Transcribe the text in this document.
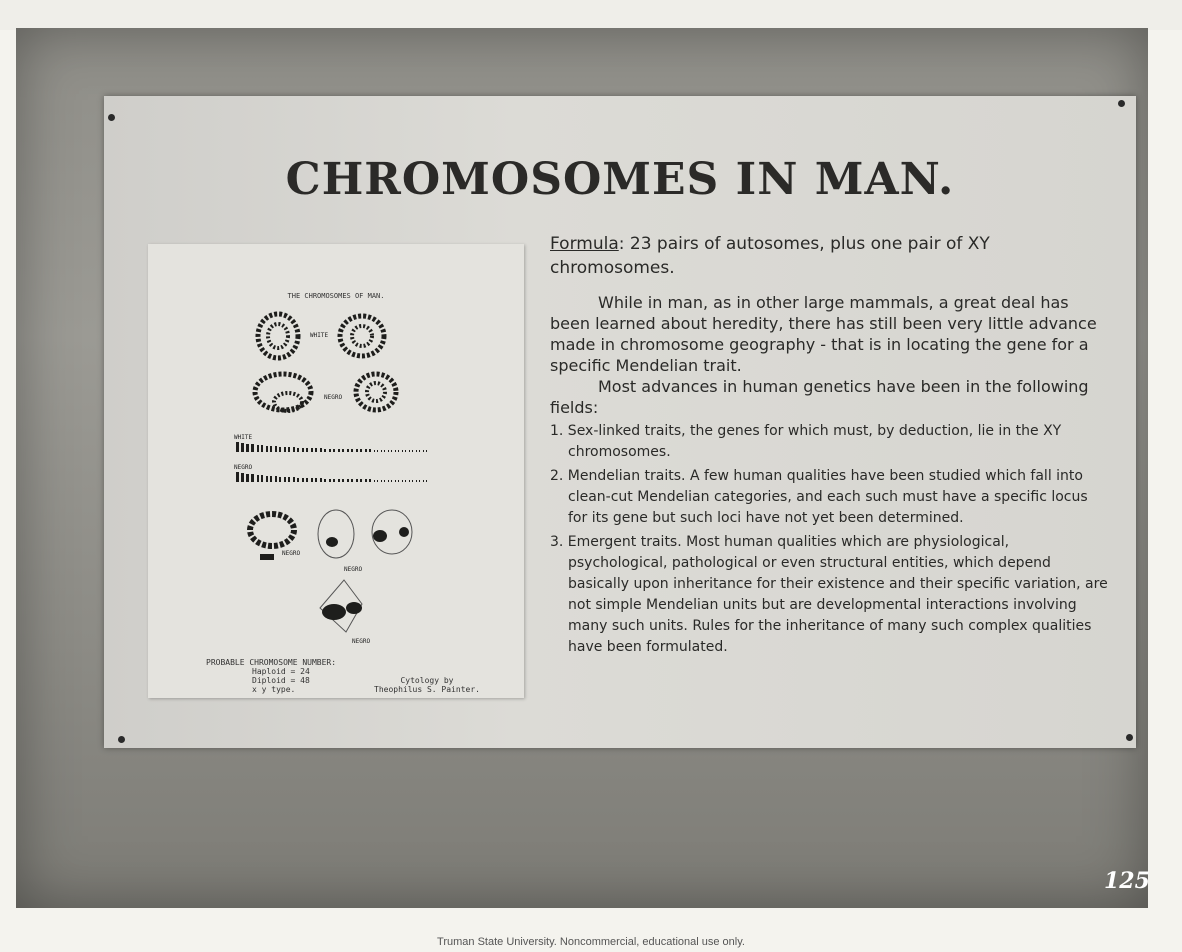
CHROMOSOMES IN MAN.
THE CHROMOSOMES OF MAN.
WHITE
NEGRO
WHITE
NEGRO
NEGRO
NEGRO
NEGRO
PROBABLE CHROMOSOME NUMBER:

Haploid = 24
Diploid = 48
x y type.
Cytology by
Theophilus S. Painter.

Formula: 23 pairs of autosomes, plus one pair of XY chromosomes.

While in man, as in other large mammals, a great deal has been learned about heredity, there has still been very little advance made in chromosome geography - that is in locating the gene for a specific Mendelian trait.

Most advances in human genetics have been in the following fields:

1. Sex-linked traits, the genes for which must, by deduction, lie in the XY chromosomes.

2. Mendelian traits. A few human qualities have been studied which fall into clean-cut Mendelian categories, and each such must have a specific locus for its gene but such loci have not yet been determined.

3. Emergent traits. Most human qualities which are physiological, psychological, pathological or even structural entities, which depend basically upon inheritance for their existence and their specific variation, are not simple Mendelian units but are developmental interactions involving many such units. Rules for the inheritance of many such complex qualities have been formulated.

125
Truman State University. Noncommercial, educational use only.
